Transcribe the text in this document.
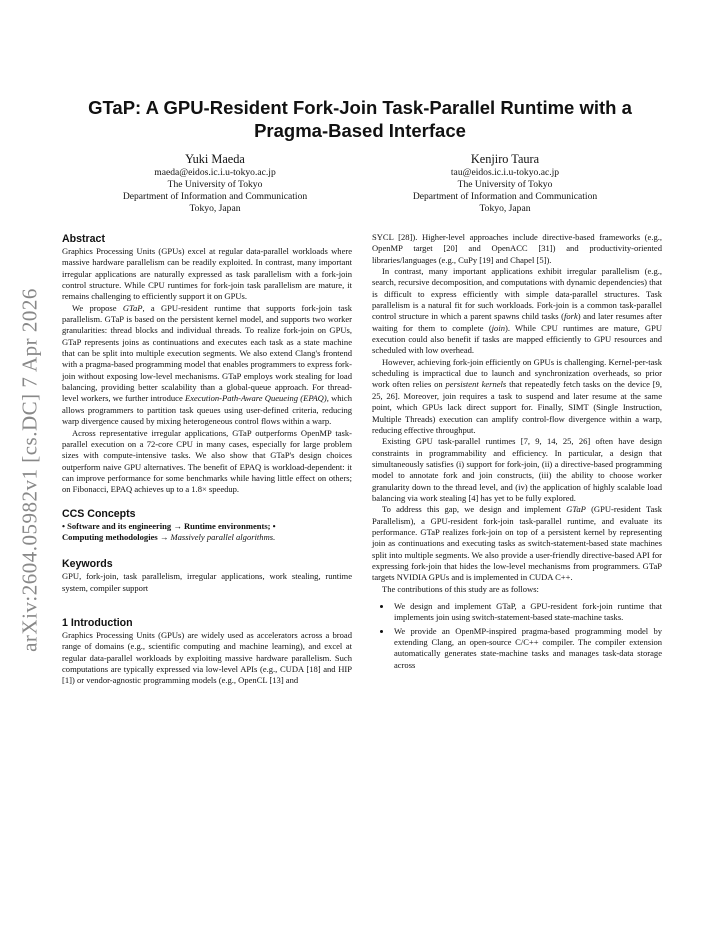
arXiv:2604.05982v1 [cs.DC] 7 Apr 2026
GTaP: A GPU-Resident Fork-Join Task-Parallel Runtime with a Pragma-Based Interface
Yuki Maeda
maeda@eidos.ic.i.u-tokyo.ac.jp
The University of Tokyo
Department of Information and Communication
Tokyo, Japan
Kenjiro Taura
tau@eidos.ic.i.u-tokyo.ac.jp
The University of Tokyo
Department of Information and Communication
Tokyo, Japan
Abstract

Graphics Processing Units (GPUs) excel at regular data-parallel workloads where massive hardware parallelism can be readily exploited. In contrast, many important irregular applications are naturally expressed as task parallelism with a fork-join control structure. While CPU runtimes for fork-join task parallelism are mature, it remains challenging to efficiently support it on GPUs.

We propose GTaP, a GPU-resident runtime that supports fork-join task parallelism. GTaP is based on the persistent kernel model, and supports two worker granularities: thread blocks and individual threads. To realize fork-join on GPUs, GTaP represents joins as continuations and executes each task as a state machine that can be split into multiple execution segments. We also extend Clang's frontend with a pragma-based programming model that enables programmers to express fork-join without exposing low-level mechanisms. GTaP employs work stealing for load balancing, providing better scalability than a global-queue approach. For thread-level workers, we further introduce Execution-Path-Aware Queueing (EPAQ), which allows programmers to partition task queues using user-defined criteria, reducing warp divergence caused by mixing heterogeneous control flows within a warp.

Across representative irregular applications, GTaP outperforms OpenMP task-parallel execution on a 72-core CPU in many cases, especially for large problem sizes with compute-intensive tasks. We also show that GTaP's design choices outperform naive GPU alternatives. The benefit of EPAQ is workload-dependent: it can improve performance for some benchmarks while having little effect on others; on Fibonacci, EPAQ achieves up to a 1.8× speedup.

CCS Concepts

• Software and its engineering → Runtime environments; •
Computing methodologies → Massively parallel algorithms.

Keywords

GPU, fork-join, task parallelism, irregular applications, work stealing, runtime system, compiler support

1 Introduction

Graphics Processing Units (GPUs) are widely used as accelerators across a broad range of domains (e.g., scientific computing and machine learning), and excel at regular data-parallel workloads by exploiting massive hardware parallelism. Such computations are typically expressed via low-level APIs (e.g., CUDA [18] and HIP [1]) or vendor-agnostic programming models (e.g., OpenCL [13] and

SYCL [28]). Higher-level approaches include directive-based frameworks (e.g., OpenMP target [20] and OpenACC [31]) and productivity-oriented libraries/languages (e.g., CuPy [19] and Chapel [5]).

In contrast, many important applications exhibit irregular parallelism (e.g., search, recursive decomposition, and computations with dynamic dependencies) that is difficult to express efficiently with simple data-parallel structures. Task parallelism is a natural fit for such workloads. Fork-join is a common task-parallel control structure in which a parent spawns child tasks (fork) and later resumes after waiting for them to complete (join). While CPU runtimes are mature, GPU execution could also benefit if tasks are mapped efficiently to GPU resources and scheduled with low overhead.

However, achieving fork-join efficiently on GPUs is challenging. Kernel-per-task scheduling is impractical due to launch and synchronization overheads, so prior work often relies on persistent kernels that repeatedly fetch tasks on the device [9, 25, 26]. Moreover, join requires a task to suspend and later resume at the same point, which GPUs lack direct support for. Finally, SIMT (Single Instruction, Multiple Threads) execution can amplify control-flow divergence within a warp, reducing effective throughput.

Existing GPU task-parallel runtimes [7, 9, 14, 25, 26] often have design constraints in programmability and efficiency. In particular, a design that simultaneously satisfies (i) support for fork-join, (ii) a directive-based programming model to annotate fork and join constructs, (iii) the ability to choose worker granularity down to the thread level, and (iv) the application of highly scalable load balancing via work stealing [4] has yet to be fully explored.

To address this gap, we design and implement GTaP (GPU-resident Task Parallelism), a GPU-resident fork-join task-parallel runtime, and evaluate its performance. GTaP realizes fork-join on top of a persistent kernel by representing join as continuations and executing tasks as switch-statement-based state machines split into multiple segments. We also provide a user-friendly directive-based API for expressing fork-join that hides the low-level mechanisms from programmers. GTaP targets NVIDIA GPUs and is implemented in CUDA C++.

The contributions of this study are as follows:

• We design and implement GTaP, a GPU-resident fork-join runtime that implements join using switch-statement-based state-machine tasks.
• We provide an OpenMP-inspired pragma-based programming model by extending Clang, an open-source C/C++ compiler. The compiler extension automatically generates state-machine tasks and manages task-data storage across
